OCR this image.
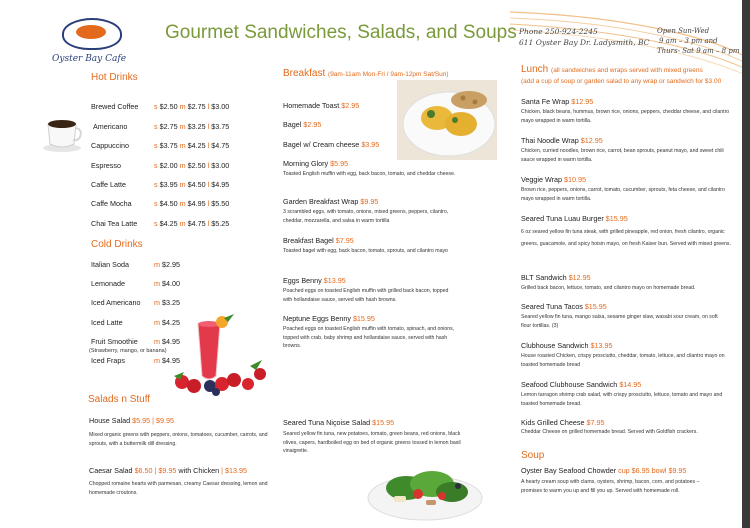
Oyster Bay Cafe
Gourmet Sandwiches, Salads, and Soups Phone 250-924-2245
611 Oyster Bay Dr. Ladysmith, BC
Open Sun-Wed
9 am – 3 pm and
Thurs- Sat 9 am – 8 pm
Hot Drinks
Brewed Coffee s $2.50 m $2.75 l $3.00
Americano	s $2.75 m $3.25 l $3.75
Cappuccino	s $3.75 m $4.25 l $4.75
Espresso	s $2.00 m $2.50 l $3.00
Caffe Latte	s $3.95 m $4.50 l $4.95
Caffe Mocha	s $4.50 m $4.95 l $5.50
Chai Tea Latte s $4.25 m $4.75 l $5.25
Cold Drinks
Italian Soda	m $2.95
Lemonade	m $4.00
Iced Americano m $3.25
Iced Latte	m $4.25
Fruit Smoothie m $4.95
(Strawberry, mango, or banana)
Iced Fraps	m $4.95
Salads n Stuff
House Salad $5.95 | $9.95
Mixed organic greens with peppers, onions, tomatoes, cucumber, carrots, and sprouts, with a buttermilk dill dressing.
Caesar Salad $6.50 | $9.95 with Chicken | $13.95
Chopped romaine hearts with parmesan, creamy Caesar dressing, lemon and homemade croutons.
Breakfast (9am-11am Mon-Fri / 9am-12pm Sat/Sun)
Homemade Toast $2.95
Bagel $2.95
Bagel w/ Cream cheese $3.95
Morning Glory $5.95
Toasted English muffin with egg, back bacon, tomato, and cheddar cheese.
Garden Breakfast Wrap $9.95
3 scrambled eggs, with tomato, onions, mixed greens, peppers, cilantro, cheddar, mozzarella, and salsa in warm tortilla
Breakfast Bagel $7.95
Toasted bagel with egg, back bacon, tomato, sprouts, and cilantro mayo
Eggs Benny $13.95
Poached eggs on toasted English muffin with grilled back bacon, topped with hollandaise sauce, served with hash browns.
Neptune Eggs Benny $15.95
Poached eggs on toasted English muffin with tomato, spinach, and onions, topped with crab, baby shrimp and hollandaise sauce, served with hash browns.
Seared Tuna Niçoise Salad $15.95
Seared yellow fin tuna, new potatoes, tomato, green beans, red onions, black olives, capers, hardboiled egg on bed of organic greens tossed in lemon basil vinaigrette.
Lunch (all sandwiches and wraps served with mixed greens
(add a cup of soup or garden salad to any wrap or sandwich for $3.00
Santa Fe Wrap $12.95
Chicken, black beans, hummus, brown rice, onions, peppers, cheddar cheese, and cilantro mayo wrapped in warm tortilla.
Thai Noodle Wrap $12.95
Chicken, curried noodles, brown rice, carrot, bean sprouts, peanut mayo, and sweet chili sauce wrapped in warm tortilla.
Veggie Wrap $10.95
Brown rice, peppers, onions, carrot, tomato, cucumber, sprouts, feta cheese, and cilantro mayo wrapped in warm tortilla.
Seared Tuna Luau Burger $15.95
6 oz seared yellow fin tuna steak, with grilled pineapple, red onion, fresh cilantro, organic greens, guacamole, and spicy hoisin mayo, on fresh Kaiser bun. Served with mixed greens.
BLT Sandwich $12.95
Grilled back bacon, lettuce, tomato, and cilantro mayo on homemade bread.
Seared Tuna Tacos $15.95
Seared yellow fin tuna, mango salsa, sesame ginger slaw, wasabi sour cream, on soft flour tortillas. (3)
Clubhouse Sandwich $13.95
House roasted Chicken, crispy prosciutto, cheddar, tomato, lettuce, and cilantro mayo on toasted homemade bread
Seafood Clubhouse Sandwich $14.95
Lemon tarragon shrimp crab salad, with crispy prosciutto, lettuce, tomato and mayo and toasted homemade bread.
Kids Grilled Cheese $7.95
Cheddar Cheese on grilled homemade bread. Served with Goldfish crackers.
Soup
Oyster Bay Seafood Chowder cup $6.95 bowl $9.95
A hearty cream soup with clams, oysters, shrimp, bacon, corn, and potatoes – promises to warm you up and fill you up. Served with homemade roll.
